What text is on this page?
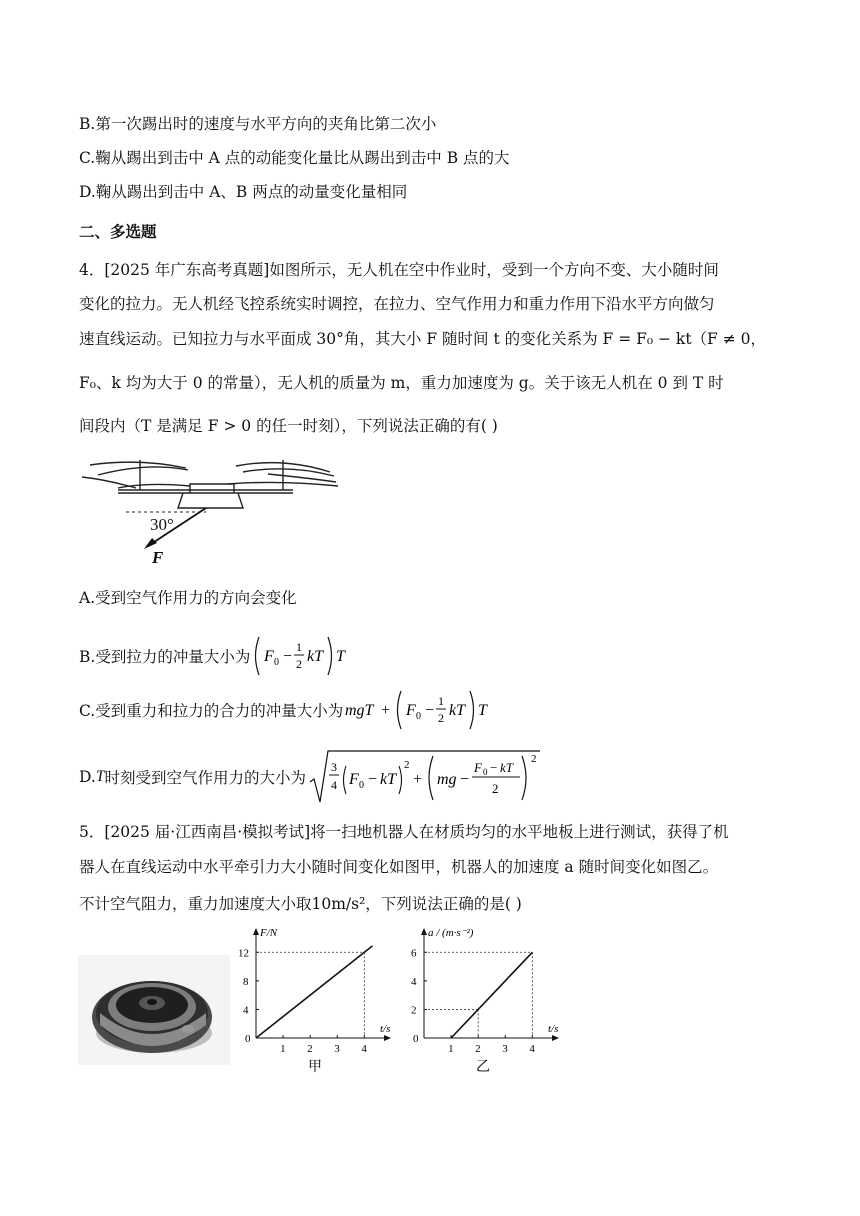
B.第一次踢出时的速度与水平方向的夹角比第二次小
C.鞠从踢出到击中 A 点的动能变化量比从踢出到击中 B 点的大
D.鞠从踢出到击中 A、B 两点的动量变化量相同
二、多选题
4．[2025 年广东高考真题]如图所示，无人机在空中作业时，受到一个方向不变、大小随时间
变化的拉力。无人机经飞控系统实时调控，在拉力、空气作用力和重力作用下沿水平方向做匀
速直线运动。已知拉力与水平面成 30°角，其大小 F 随时间 t 的变化关系为 F = F₀ − kt（F ≠ 0，
F₀、k 均为大于 0 的常量），无人机的质量为 m，重力加速度为 g。关于该无人机在 0 到 T 时
间段内（T 是满足 F > 0 的任一时刻），下列说法正确的有( )
30°
F
A.受到空气作用力的方向会变化
B.受到拉力的冲量大小为 F 0 −
1
2 kT T
C.受到重力和拉力的合力的冲量大小为 mgT + F 0 −
1
2 kT T
D. T 时刻受到空气作用力的大小为
3
4 F 0 − kT
2
+ mg −
F 0 − kT
2
2
5．[2025 届·江西南昌·模拟考试]将一扫地机器人在材质均匀的水平地板上进行测试，获得了机
器人在直线运动中水平牵引力大小随时间变化如图甲，机器人的加速度 a 随时间变化如图乙。
不计空气阻力，重力加速度大小取10m/s²，下列说法正确的是( )
F/N
t/s
0
1 2 3 4
4
8
12
甲
a / (m·s⁻²)
t/s
0
1 2 3 4
2
4
6
乙
